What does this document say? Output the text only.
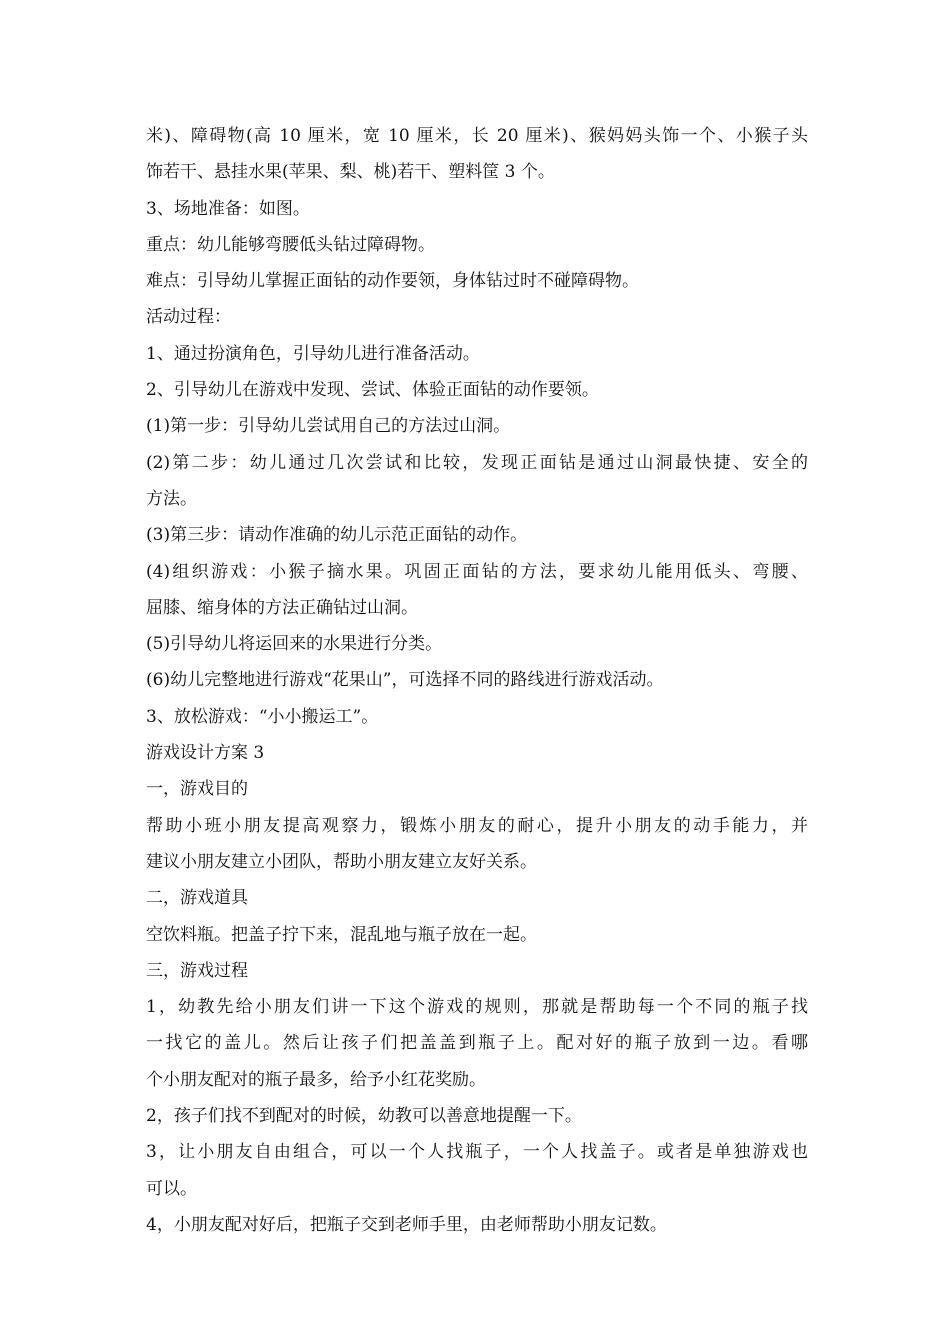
米)、障碍物(高 10 厘米，宽 10 厘米，长 20 厘米)、猴妈妈头饰一个、小猴子头
饰若干、悬挂水果(苹果、梨、桃)若干、塑料筐 3 个。
3、场地准备：如图。
重点：幼儿能够弯腰低头钻过障碍物。
难点：引导幼儿掌握正面钻的动作要领，身体钻过时不碰障碍物。
活动过程：
1、通过扮演角色，引导幼儿进行准备活动。
2、引导幼儿在游戏中发现、尝试、体验正面钻的动作要领。
(1)第一步：引导幼儿尝试用自己的方法过山洞。
(2)第二步：幼儿通过几次尝试和比较，发现正面钻是通过山洞最快捷、安全的
方法。
(3)第三步：请动作准确的幼儿示范正面钻的动作。
(4)组织游戏：小猴子摘水果。巩固正面钻的方法，要求幼儿能用低头、弯腰、
屈膝、缩身体的方法正确钻过山洞。
(5)引导幼儿将运回来的水果进行分类。
(6)幼儿完整地进行游戏“花果山”，可选择不同的路线进行游戏活动。
3、放松游戏：“小小搬运工”。
游戏设计方案 3
一，游戏目的
帮助小班小朋友提高观察力，锻炼小朋友的耐心，提升小朋友的动手能力，并
建议小朋友建立小团队，帮助小朋友建立友好关系。
二，游戏道具
空饮料瓶。把盖子拧下来，混乱地与瓶子放在一起。
三，游戏过程
1，幼教先给小朋友们讲一下这个游戏的规则，那就是帮助每一个不同的瓶子找
一找它的盖儿。然后让孩子们把盖盖到瓶子上。配对好的瓶子放到一边。看哪
个小朋友配对的瓶子最多，给予小红花奖励。
2，孩子们找不到配对的时候，幼教可以善意地提醒一下。
3，让小朋友自由组合，可以一个人找瓶子，一个人找盖子。或者是单独游戏也
可以。
4，小朋友配对好后，把瓶子交到老师手里，由老师帮助小朋友记数。
